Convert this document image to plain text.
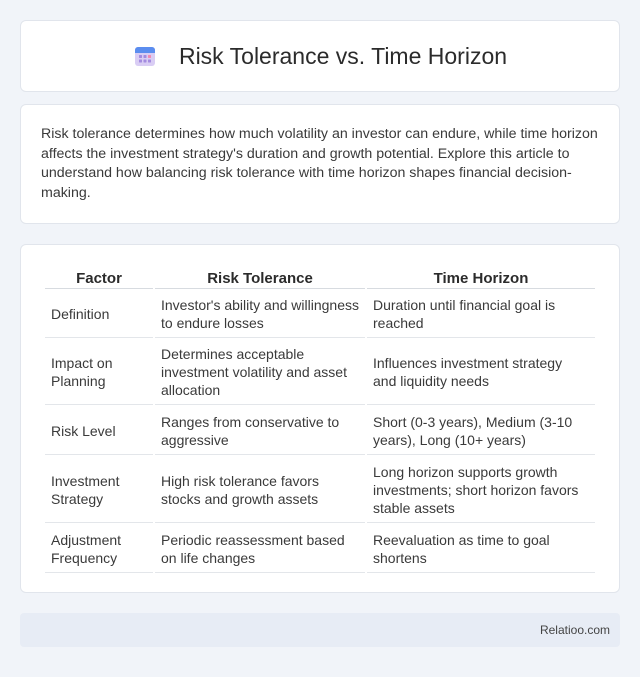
Risk Tolerance vs. Time Horizon

Risk tolerance determines how much volatility an investor can endure, while time horizon affects the investment strategy's duration and growth potential. Explore this article to understand how balancing risk tolerance with time horizon shapes financial decision-making.

Factor	Risk Tolerance	Time Horizon
Definition	Investor's ability and willingness to endure losses	Duration until financial goal is reached
Impact on Planning	Determines acceptable investment volatility and asset allocation	Influences investment strategy and liquidity needs
Risk Level	Ranges from conservative to aggressive	Short (0-3 years), Medium (3-10 years), Long (10+ years)
Investment Strategy	High risk tolerance favors stocks and growth assets	Long horizon supports growth investments; short horizon favors stable assets
Adjustment Frequency	Periodic reassessment based on life changes	Reevaluation as time to goal shortens
Relatioo.com
